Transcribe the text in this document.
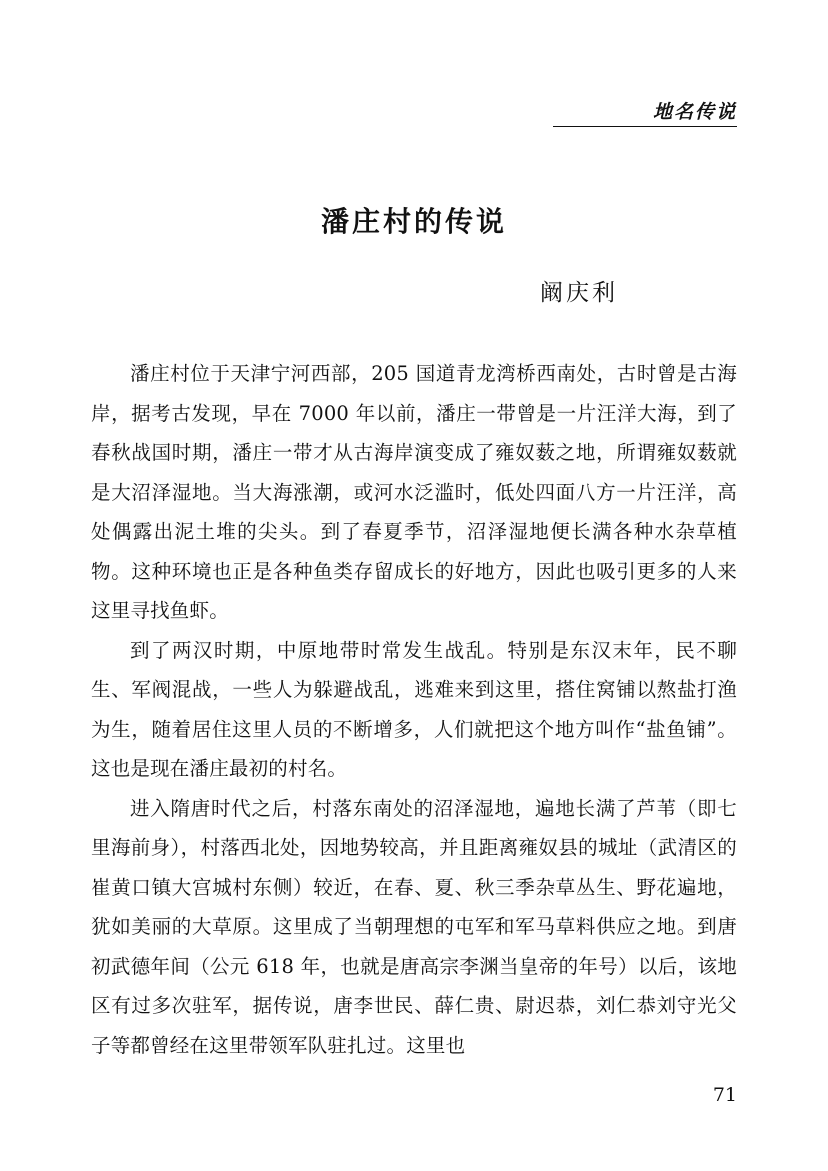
地名传说
潘庄村的传说
阚庆利

潘庄村位于天津宁河西部，205 国道青龙湾桥西南处，古时曾是古海岸，据考古发现，早在 7000 年以前，潘庄一带曾是一片汪洋大海，到了春秋战国时期，潘庄一带才从古海岸演变成了雍奴薮之地，所谓雍奴薮就是大沼泽湿地。当大海涨潮，或河水泛滥时，低处四面八方一片汪洋，高处偶露出泥土堆的尖头。到了春夏季节，沼泽湿地便长满各种水杂草植物。这种环境也正是各种鱼类存留成长的好地方，因此也吸引更多的人来这里寻找鱼虾。

到了两汉时期，中原地带时常发生战乱。特别是东汉末年，民不聊生、军阀混战，一些人为躲避战乱，逃难来到这里，搭住窝铺以熬盐打渔为生，随着居住这里人员的不断增多，人们就把这个地方叫作“盐鱼铺”。这也是现在潘庄最初的村名。

进入隋唐时代之后，村落东南处的沼泽湿地，遍地长满了芦苇（即七里海前身），村落西北处，因地势较高，并且距离雍奴县的城址（武清区的崔黄口镇大宫城村东侧）较近，在春、夏、秋三季杂草丛生、野花遍地，犹如美丽的大草原。这里成了当朝理想的屯军和军马草料供应之地。到唐初武德年间（公元 618 年，也就是唐高宗李渊当皇帝的年号）以后，该地区有过多次驻军，据传说，唐李世民、薛仁贵、尉迟恭，刘仁恭刘守光父子等都曾经在这里带领军队驻扎过。这里也

71
